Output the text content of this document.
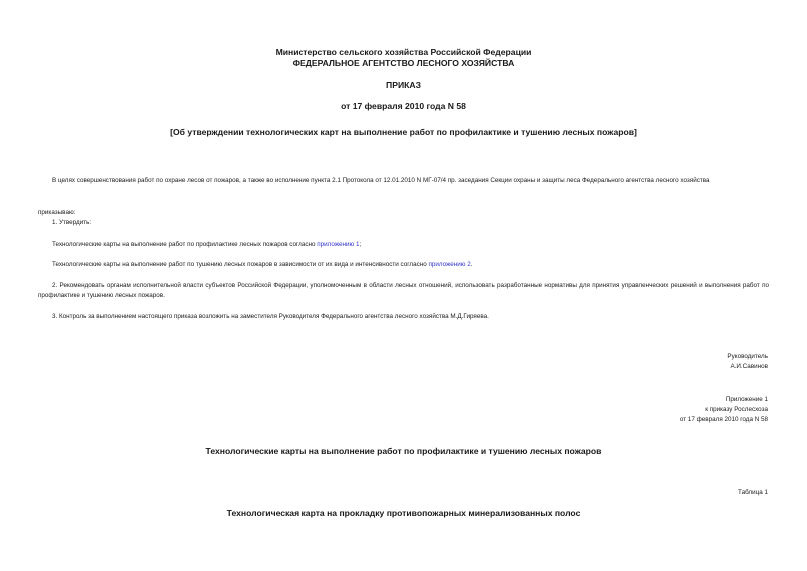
Министерство сельского хозяйства Российской Федерации
ФЕДЕРАЛЬНОЕ АГЕНТСТВО ЛЕСНОГО ХОЗЯЙСТВА
ПРИКАЗ
от 17 февраля 2010 года N 58
[Об утверждении технологических карт на выполнение работ по профилактике и тушению лесных пожаров]
В целях совершенствования работ по охране лесов от пожаров, а также во исполнение пункта 2.1 Протокола от 12.01.2010 N МГ-07/4 пр. заседания Секции охраны и защиты леса Федерального агентства лесного хозяйства
приказываю:
1. Утвердить:
Технологические карты на выполнение работ по профилактике лесных пожаров согласно приложению 1;
Технологические карты на выполнение работ по тушению лесных пожаров в зависимости от их вида и интенсивности согласно приложению 2.
2. Рекомендовать органам исполнительной власти субъектов Российской Федерации, уполномоченным в области лесных отношений, использовать разработанные нормативы для принятия управленческих решений и выполнения работ по профилактике и тушению лесных пожаров.
3. Контроль за выполнением настоящего приказа возложить на заместителя Руководителя Федерального агентства лесного хозяйства М.Д.Гиряева.
Руководитель
А.И.Савинов
Приложение 1
к приказу Рослесхоза
от 17 февраля 2010 года N 58
Технологические карты на выполнение работ по профилактике и тушению лесных пожаров
Таблица 1
Технологическая карта на прокладку противопожарных минерализованных полос
